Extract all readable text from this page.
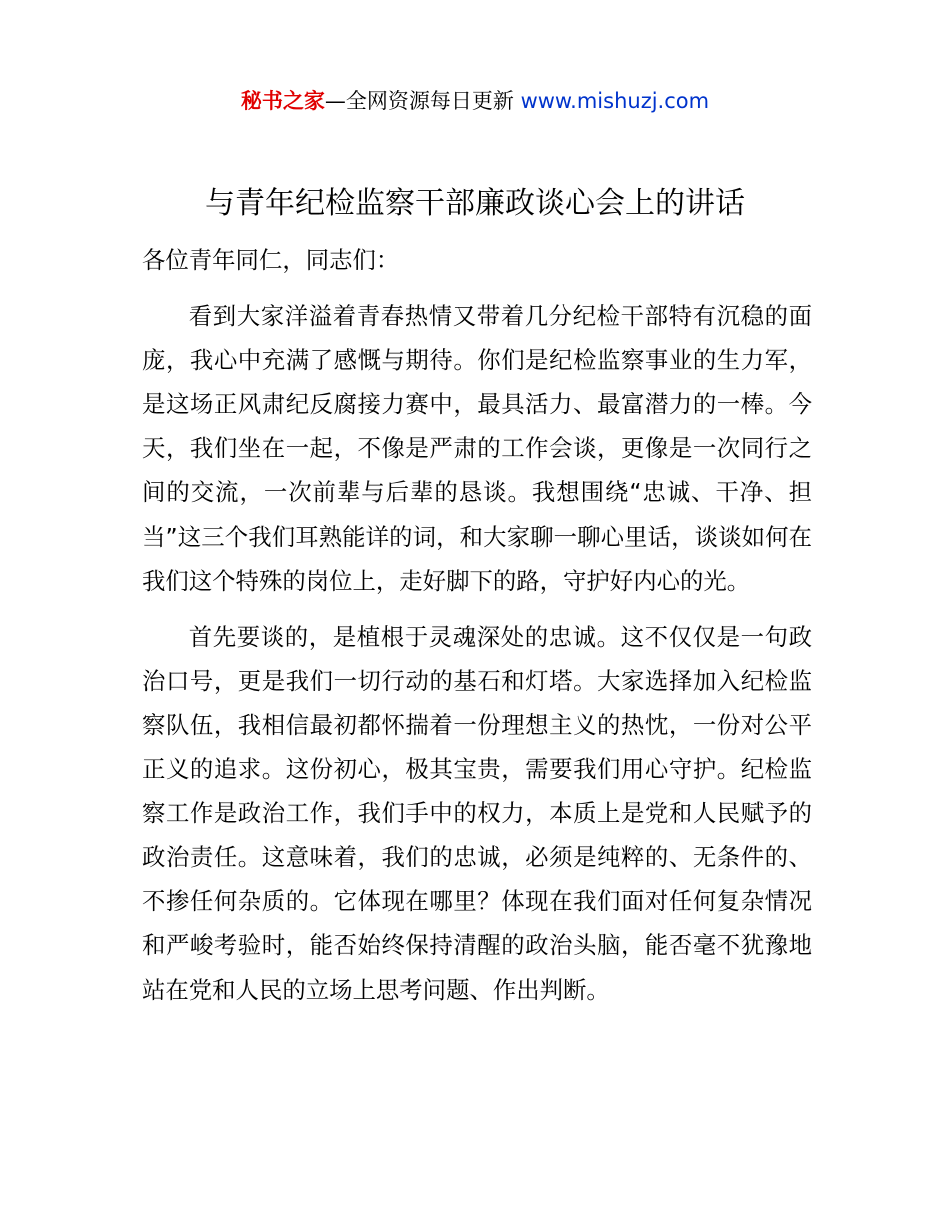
秘书之家—全网资源每日更新 www.mishuzj.com
与青年纪检监察干部廉政谈心会上的讲话

各位青年同仁，同志们：

看到大家洋溢着青春热情又带着几分纪检干部特有沉稳的面庞，我心中充满了感慨与期待。你们是纪检监察事业的生力军，是这场正风肃纪反腐接力赛中，最具活力、最富潜力的一棒。今天，我们坐在一起，不像是严肃的工作会谈，更像是一次同行之间的交流，一次前辈与后辈的恳谈。我想围绕“忠诚、干净、担当”这三个我们耳熟能详的词，和大家聊一聊心里话，谈谈如何在我们这个特殊的岗位上，走好脚下的路，守护好内心的光。

首先要谈的，是植根于灵魂深处的忠诚。这不仅仅是一句政治口号，更是我们一切行动的基石和灯塔。大家选择加入纪检监察队伍，我相信最初都怀揣着一份理想主义的热忱，一份对公平正义的追求。这份初心，极其宝贵，需要我们用心守护。纪检监察工作是政治工作，我们手中的权力，本质上是党和人民赋予的政治责任。这意味着，我们的忠诚，必须是纯粹的、无条件的、不掺任何杂质的。它体现在哪里？体现在我们面对任何复杂情况和严峻考验时，能否始终保持清醒的政治头脑，能否毫不犹豫地站在党和人民的立场上思考问题、作出判断。
